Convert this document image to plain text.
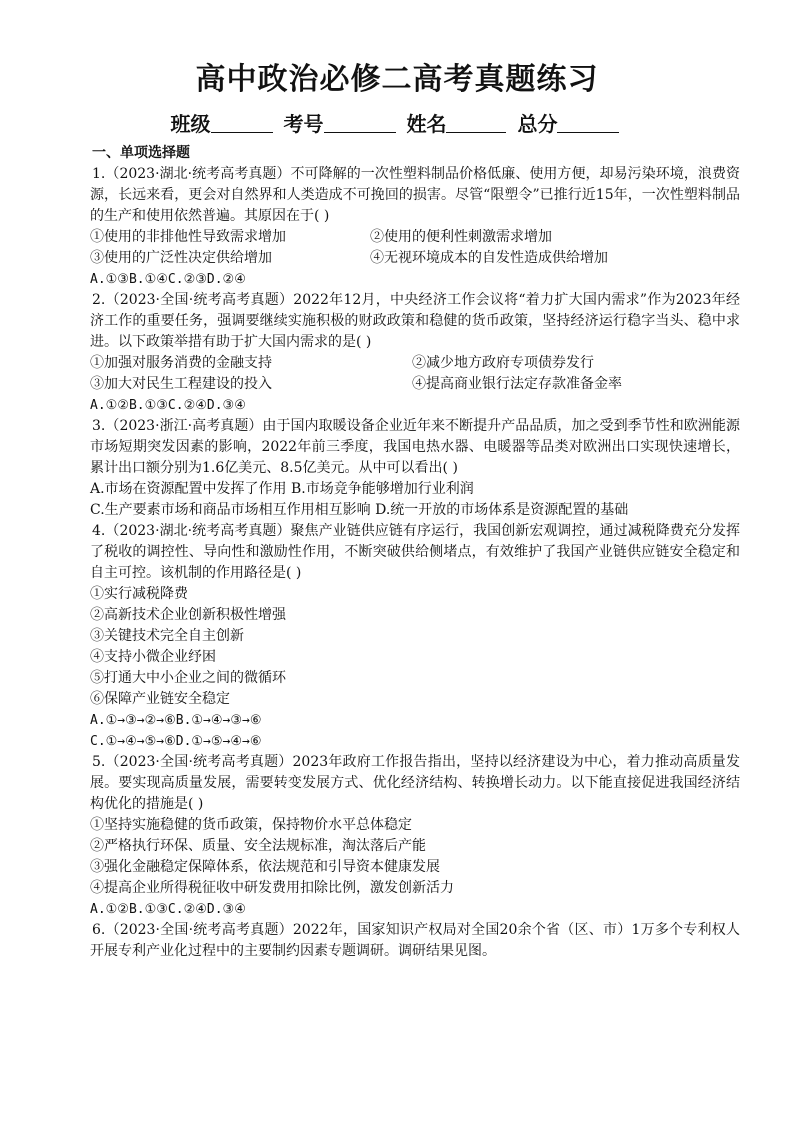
高中政治必修二高考真题练习
班级	考号	姓名	总分
一、单项选择题
1.（2023·湖北·统考高考真题）不可降解的一次性塑料制品价格低廉、使用方便，却易污染环境，浪费资源，长远来看，更会对自然界和人类造成不可挽回的损害。尽管“限塑令”已推行近15年，一次性塑料制品的生产和使用依然普遍。其原因在于( )
①使用的非排他性导致需求增加	②使用的便利性刺激需求增加
③使用的广泛性决定供给增加	④无视环境成本的自发性造成供给增加
A.①③B.①④C.②③D.②④
2.（2023·全国·统考高考真题）2022年12月，中央经济工作会议将“着力扩大国内需求”作为2023年经济工作的重要任务，强调要继续实施积极的财政政策和稳健的货币政策，坚持经济运行稳字当头、稳中求进。以下政策举措有助于扩大国内需求的是( )
①加强对服务消费的金融支持	②减少地方政府专项债券发行
③加大对民生工程建设的投入	④提高商业银行法定存款准备金率
A.①②B.①③C.②④D.③④
3.（2023·浙江·高考真题）由于国内取暖设备企业近年来不断提升产品品质，加之受到季节性和欧洲能源市场短期突发因素的影响，2022年前三季度，我国电热水器、电暖器等品类对欧洲出口实现快速增长，累计出口额分别为1.6亿美元、8.5亿美元。从中可以看出( )
A.市场在资源配置中发挥了作用 B.市场竞争能够增加行业利润
C.生产要素市场和商品市场相互作用相互影响 D.统一开放的市场体系是资源配置的基础
4.（2023·湖北·统考高考真题）聚焦产业链供应链有序运行，我国创新宏观调控，通过减税降费充分发挥了税收的调控性、导向性和激励性作用，不断突破供给侧堵点，有效维护了我国产业链供应链安全稳定和自主可控。该机制的作用路径是( )
①实行减税降费
②高新技术企业创新积极性增强
③关键技术完全自主创新
④支持小微企业纾困
⑤打通大中小企业之间的微循环
⑥保障产业链安全稳定
A.①→③→②→⑥B.①→④→③→⑥
C.①→④→⑤→⑥D.①→⑤→④→⑥
5.（2023·全国·统考高考真题）2023年政府工作报告指出，坚持以经济建设为中心，着力推动高质量发展。要实现高质量发展，需要转变发展方式、优化经济结构、转换增长动力。以下能直接促进我国经济结构优化的措施是( )
①坚持实施稳健的货币政策，保持物价水平总体稳定
②严格执行环保、质量、安全法规标准，淘汰落后产能
③强化金融稳定保障体系，依法规范和引导资本健康发展
④提高企业所得税征收中研发费用扣除比例，激发创新活力
A.①②B.①③C.②④D.③④
6.（2023·全国·统考高考真题）2022年，国家知识产权局对全国20余个省（区、市）1万多个专利权人开展专利产业化过程中的主要制约因素专题调研。调研结果见图。
